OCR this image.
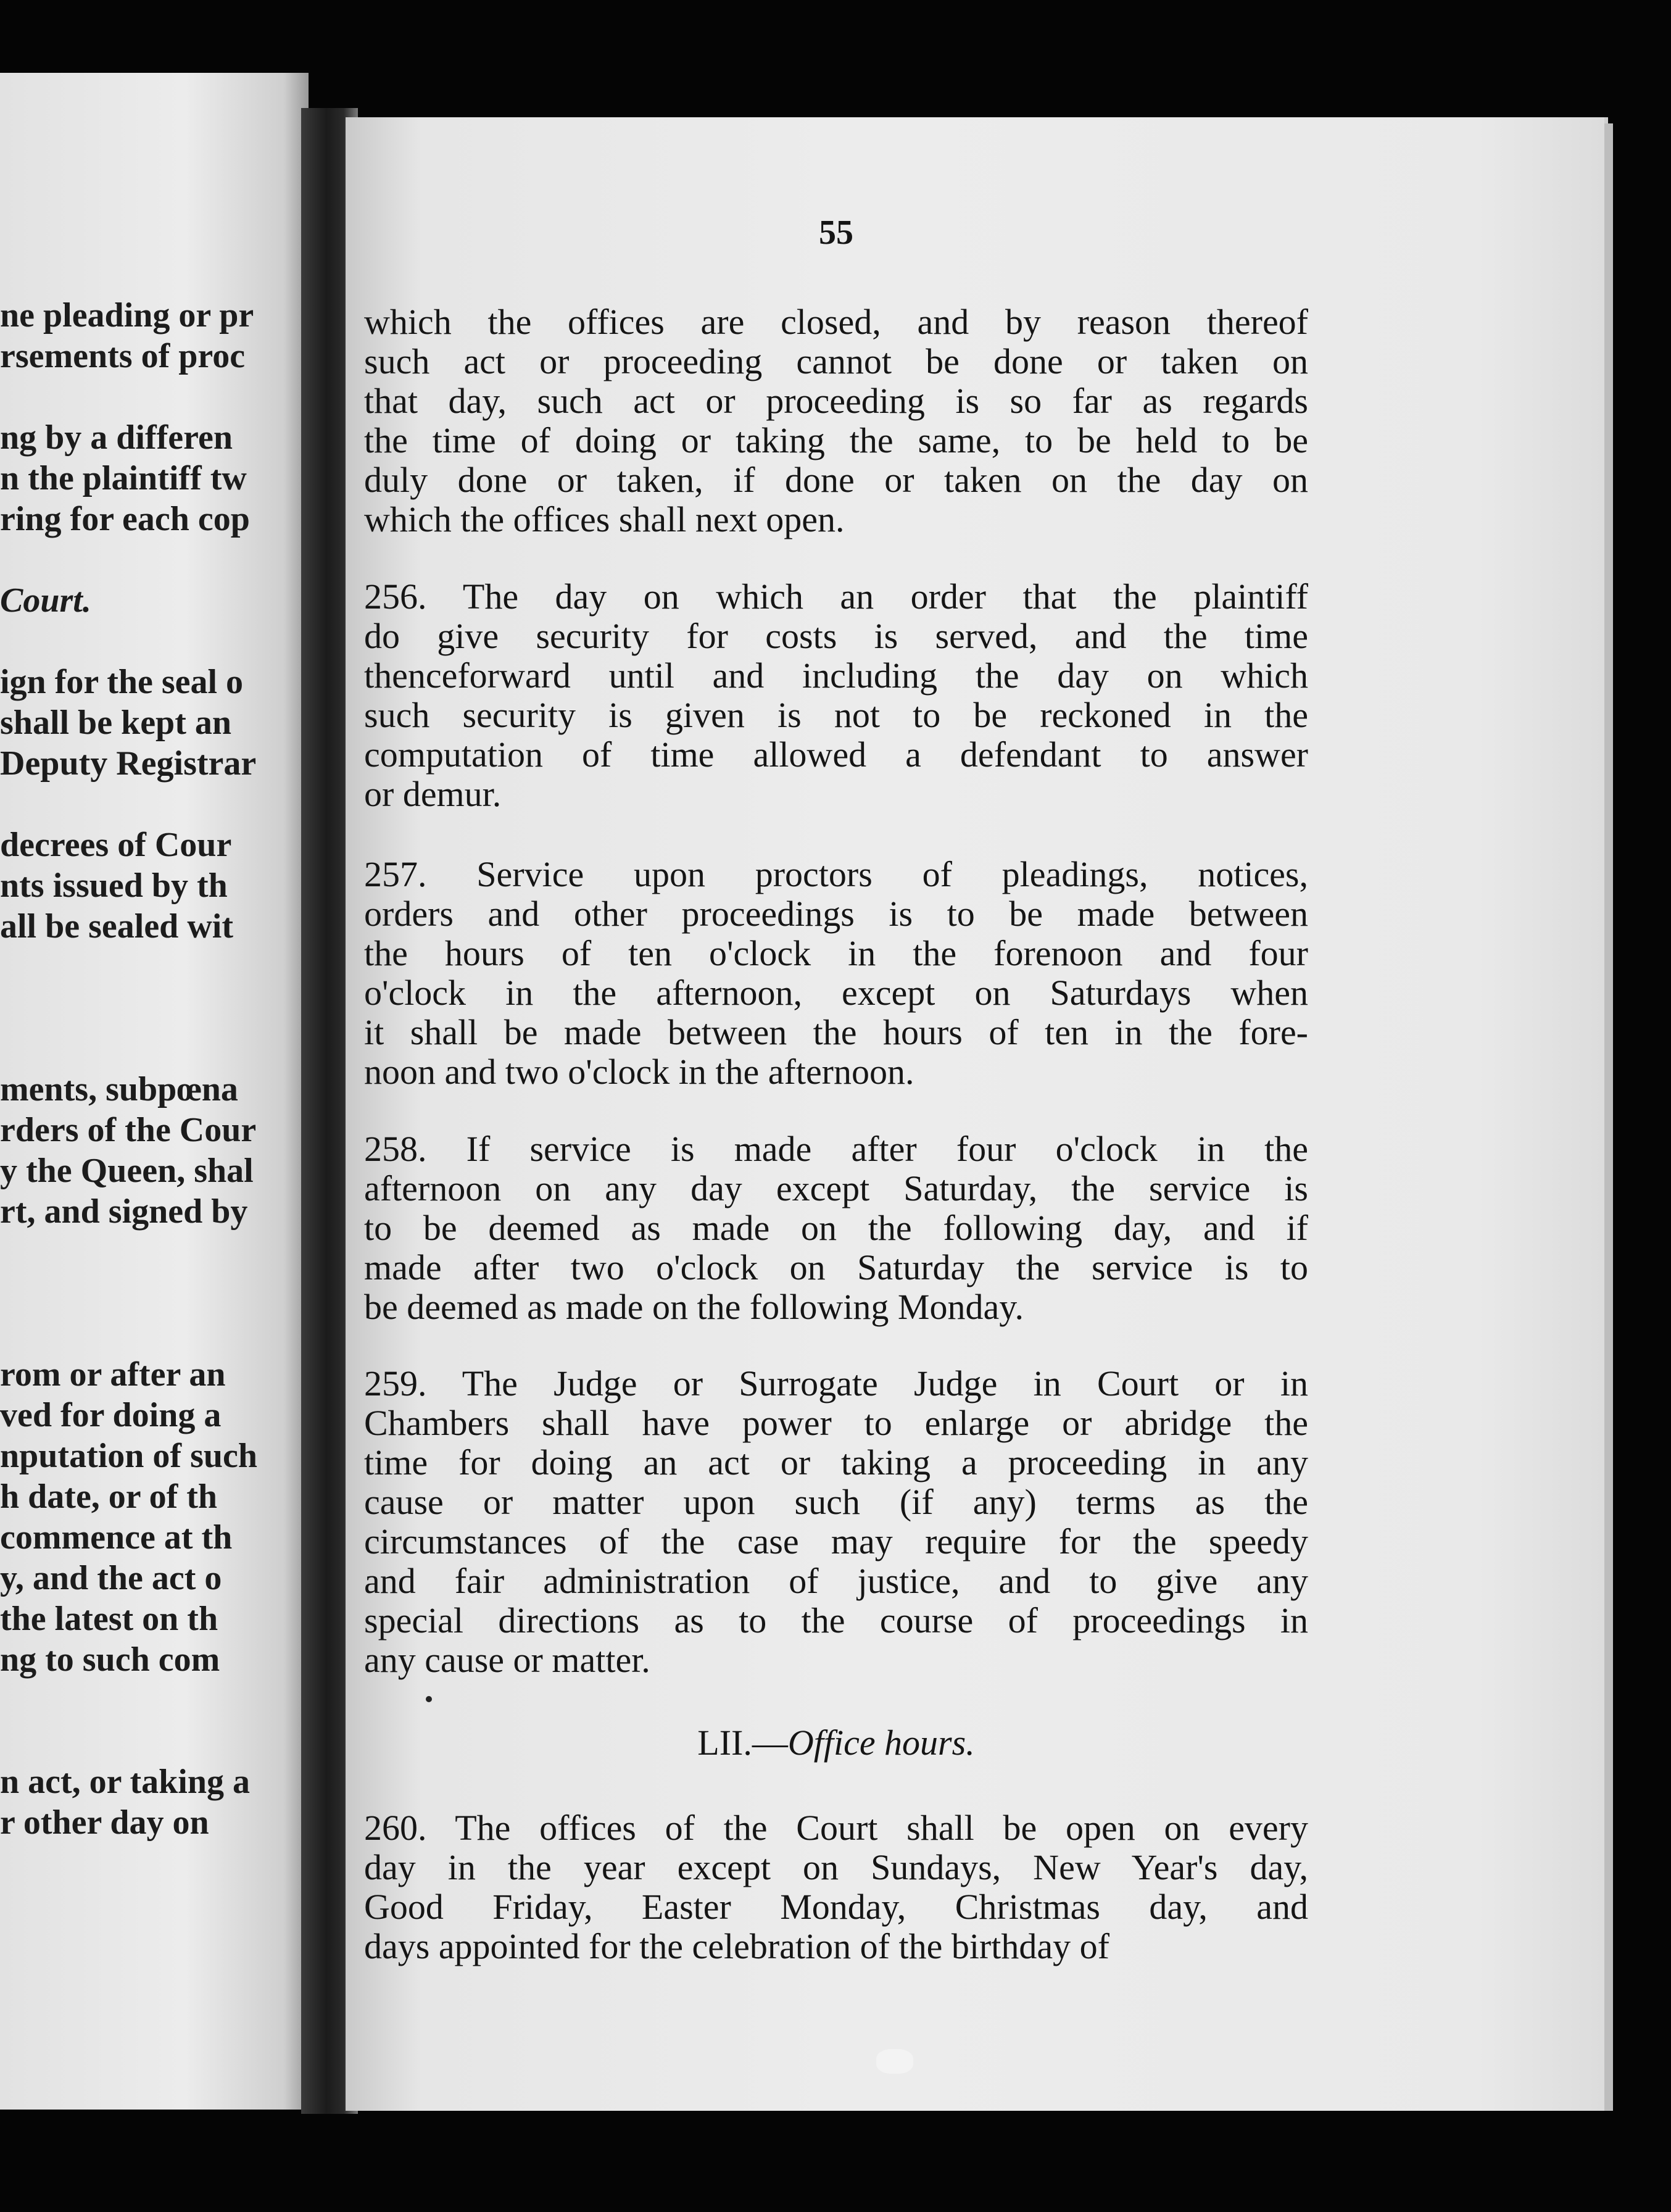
ne pleading or pr
rsements of proc
ng by a differen
n the plaintiff tw
ring for each cop
Court.
ign for the seal o
shall be kept an
Deputy Registrar
decrees of Cour
nts issued by th
all be sealed wit
ments, subpœna
rders of the Cour
y the Queen, shal
rt, and signed by
rom or after an
ved for doing a
nputation of such
h date, or of th
commence at th
y, and the act o
the latest on th
ng to such com
n act, or taking a
r other day on
55
which the offices are closed, and by reason thereof
such act or proceeding cannot be done or taken on
that day, such act or proceeding is so far as regards
the time of doing or taking the same, to be held to be
duly done or taken, if done or taken on the day on
which the offices shall next open.
256. The day on which an order that the plaintiff
do give security for costs is served, and the time
thenceforward until and including the day on which
such security is given is not to be reckoned in the
computation of time allowed a defendant to answer
or demur.
257. Service upon proctors of pleadings, notices,
orders and other proceedings is to be made between
the hours of ten o'clock in the forenoon and four
o'clock in the afternoon, except on Saturdays when
it shall be made between the hours of ten in the fore-
noon and two o'clock in the afternoon.
258. If service is made after four o'clock in the
afternoon on any day except Saturday, the service is
to be deemed as made on the following day, and if
made after two o'clock on Saturday the service is to
be deemed as made on the following Monday.
259. The Judge or Surrogate Judge in Court or in
Chambers shall have power to enlarge or abridge the
time for doing an act or taking a proceeding in any
cause or matter upon such (if any) terms as the
circumstances of the case may require for the speedy
and fair administration of justice, and to give any
special directions as to the course of proceedings in
any cause or matter.
LII.—Office hours.
260. The offices of the Court shall be open on every
day in the year except on Sundays, New Year's day,
Good Friday, Easter Monday, Christmas day, and
days appointed for the celebration of the birthday of
